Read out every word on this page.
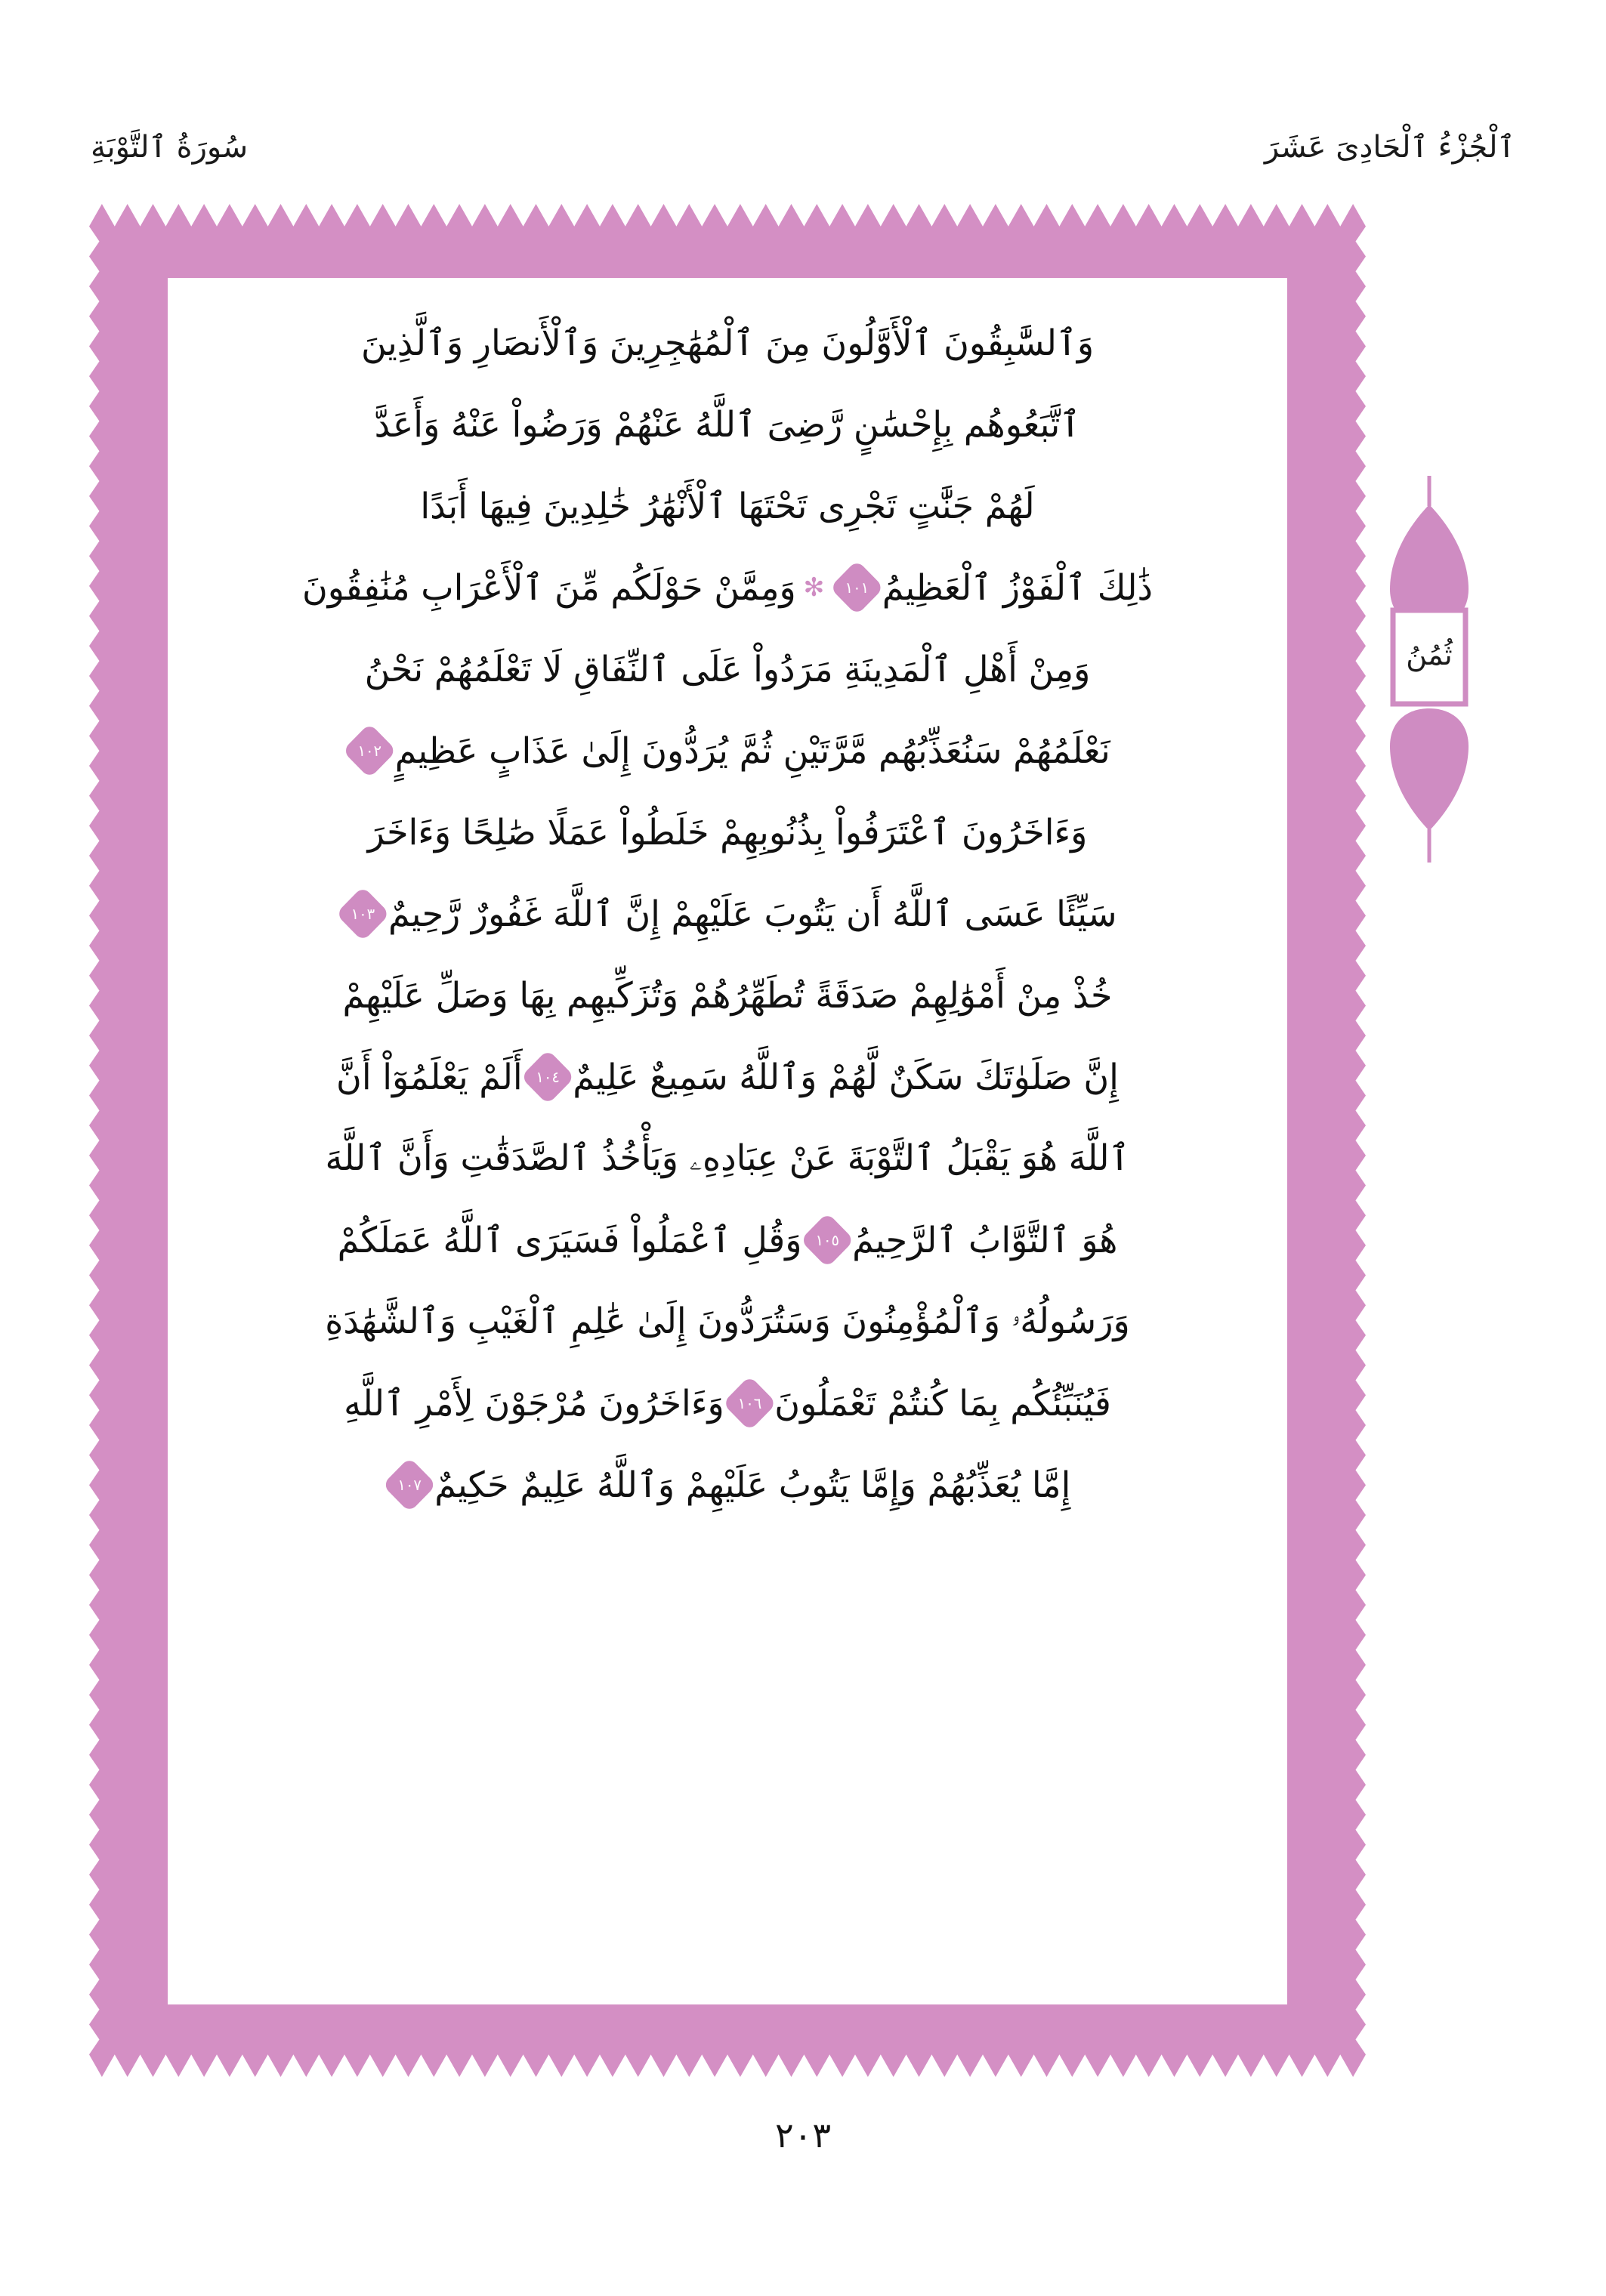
سُورَةُ ٱلتَّوْبَةِ	ٱلْجُزْءُ ٱلْحَادِىَ عَشَرَ
ثُمُنُ
وَٱلسَّٰبِقُونَ ٱلْأَوَّلُونَ مِنَ ٱلْمُهَٰجِرِينَ وَٱلْأَنصَارِ وَٱلَّذِينَ
ٱتَّبَعُوهُم بِإِحْسَٰنٍ رَّضِىَ ٱللَّهُ عَنْهُمْ وَرَضُواْ عَنْهُ وَأَعَدَّ
لَهُمْ جَنَّٰتٍ تَجْرِى تَحْتَهَا ٱلْأَنْهَٰرُ خَٰلِدِينَ فِيهَا أَبَدًا
ذَٰلِكَ ٱلْفَوْزُ ٱلْعَظِيمُ
١٠١
✻
وَمِمَّنْ حَوْلَكُم مِّنَ ٱلْأَعْرَابِ مُنَٰفِقُونَ
وَمِنْ أَهْلِ ٱلْمَدِينَةِ مَرَدُواْ عَلَى ٱلنِّفَاقِ لَا تَعْلَمُهُمْ نَحْنُ
نَعْلَمُهُمْ سَنُعَذِّبُهُم مَّرَّتَيْنِ ثُمَّ يُرَدُّونَ إِلَىٰ عَذَابٍ عَظِيمٍ
١٠٢
وَءَاخَرُونَ ٱعْتَرَفُواْ بِذُنُوبِهِمْ خَلَطُواْ عَمَلًا صَٰلِحًا وَءَاخَرَ
سَيِّئًا عَسَى ٱللَّهُ أَن يَتُوبَ عَلَيْهِمْ إِنَّ ٱللَّهَ غَفُورٌ رَّحِيمٌ
١٠٣
خُذْ مِنْ أَمْوَٰلِهِمْ صَدَقَةً تُطَهِّرُهُمْ وَتُزَكِّيهِم بِهَا وَصَلِّ عَلَيْهِمْ
إِنَّ صَلَوٰتَكَ سَكَنٌ لَّهُمْ وَٱللَّهُ سَمِيعٌ عَلِيمٌ
١٠٤
أَلَمْ يَعْلَمُوٓاْ أَنَّ
ٱللَّهَ هُوَ يَقْبَلُ ٱلتَّوْبَةَ عَنْ عِبَادِهِۦ وَيَأْخُذُ ٱلصَّدَقَٰتِ وَأَنَّ ٱللَّهَ
هُوَ ٱلتَّوَّابُ ٱلرَّحِيمُ
١٠٥
وَقُلِ ٱعْمَلُواْ فَسَيَرَى ٱللَّهُ عَمَلَكُمْ
وَرَسُولُهُۥ وَٱلْمُؤْمِنُونَ وَسَتُرَدُّونَ إِلَىٰ عَٰلِمِ ٱلْغَيْبِ وَٱلشَّهَٰدَةِ
فَيُنَبِّئُكُم بِمَا كُنتُمْ تَعْمَلُونَ
١٠٦
وَءَاخَرُونَ مُرْجَوْنَ لِأَمْرِ ٱللَّهِ
إِمَّا يُعَذِّبُهُمْ وَإِمَّا يَتُوبُ عَلَيْهِمْ وَٱللَّهُ عَلِيمٌ حَكِيمٌ
١٠٧
٢٠٣
